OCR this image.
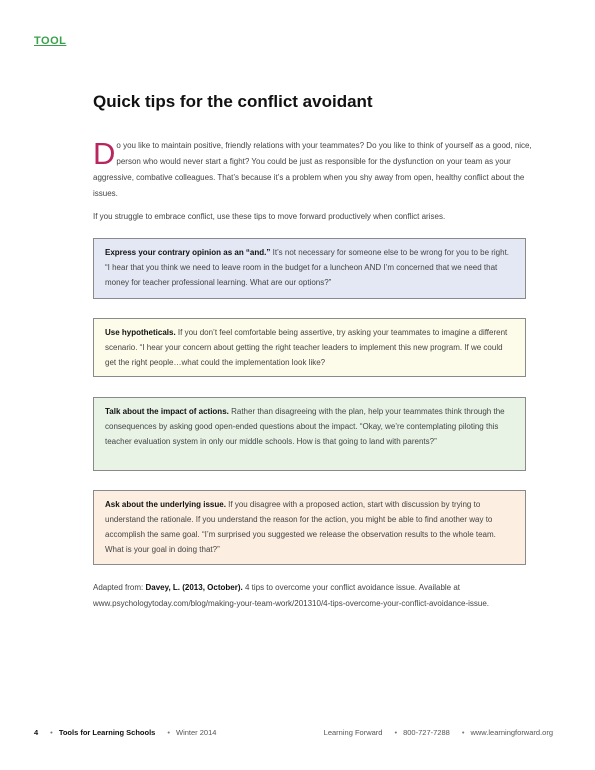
TOOL
Quick tips for the conflict avoidant
Do you like to maintain positive, friendly relations with your teammates? Do you like to think of yourself as a good, nice, person who would never start a fight? You could be just as responsible for the dysfunction on your team as your aggressive, combative colleagues. That’s because it’s a problem when you shy away from open, healthy conflict about the issues.
If you struggle to embrace conflict, use these tips to move forward productively when conflict arises.
Express your contrary opinion as an “and.” It’s not necessary for someone else to be wrong for you to be right. “I hear that you think we need to leave room in the budget for a luncheon AND I’m concerned that we need that money for teacher professional learning. What are our options?”
Use hypotheticals. If you don’t feel comfortable being assertive, try asking your teammates to imagine a different scenario. “I hear your concern about getting the right teacher leaders to implement this new program. If we could get the right people…what could the implementation look like?
Talk about the impact of actions. Rather than disagreeing with the plan, help your teammates think through the consequences by asking good open-ended questions about the impact. “Okay, we’re contemplating piloting this teacher evaluation system in only our middle schools. How is that going to land with parents?”
Ask about the underlying issue. If you disagree with a proposed action, start with discussion by trying to understand the rationale. If you understand the reason for the action, you might be able to find another way to accomplish the same goal. “I’m surprised you suggested we release the observation results to the whole team. What is your goal in doing that?”
Adapted from: Davey, L. (2013, October). 4 tips to overcome your conflict avoidance issue. Available at www.psychologytoday.com/blog/making-your-team-work/201310/4-tips-overcome-your-conflict-avoidance-issue.
4 • Tools for Learning Schools • Winter 2014	Learning Forward • 800-727-7288 • www.learningforward.org
